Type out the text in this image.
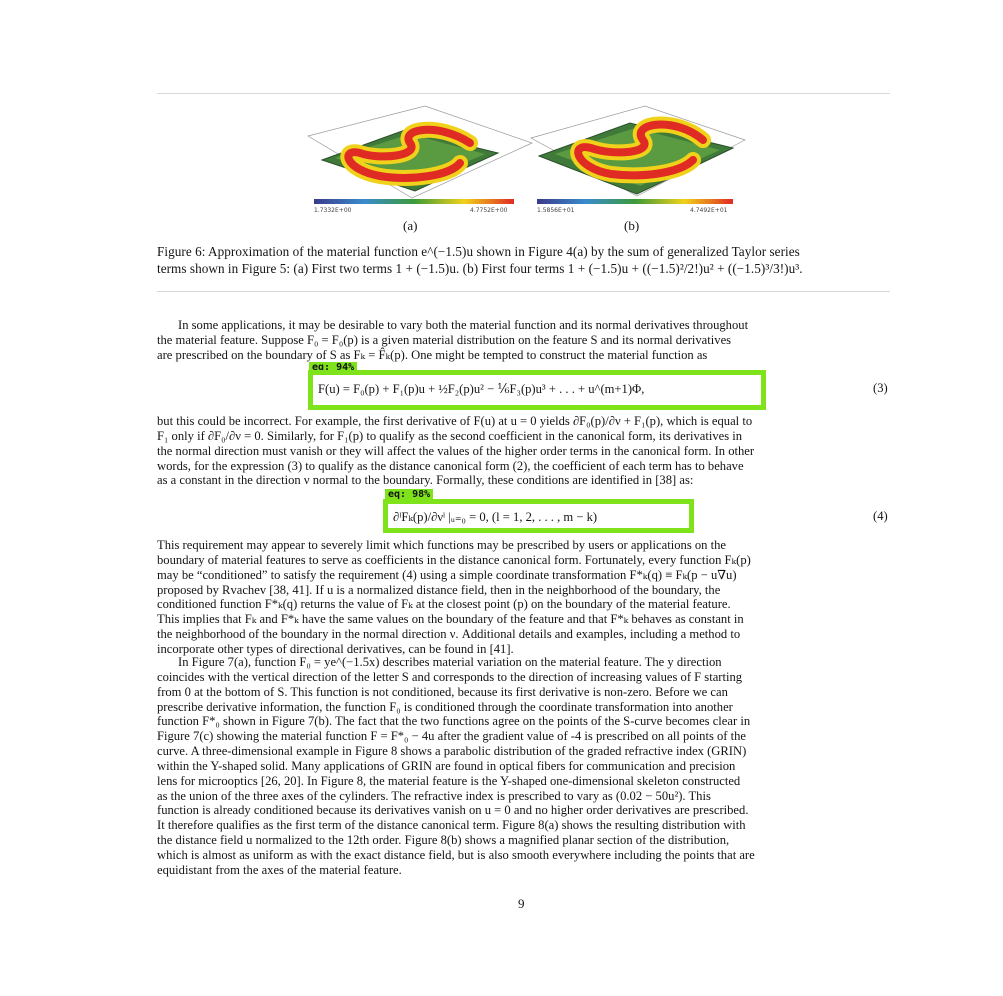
1.7332E+00	4.7752E+00
(a)
1.5856E+01	4.7492E+01
(b)
Figure 6: Approximation of the material function e^(−1.5)u shown in Figure 4(a) by the sum of generalized Taylor series
terms shown in Figure 5: (a) First two terms 1 + (−1.5)u. (b) First four terms 1 + (−1.5)u + ((−1.5)²/2!)u² + ((−1.5)³/3!)u³.
In some applications, it may be desirable to vary both the material function and its normal derivatives throughout
the material feature. Suppose F₀ = F₀(p) is a given material distribution on the feature S and its normal derivatives
are prescribed on the boundary of S as Fₖ = F̂ₖ(p). One might be tempted to construct the material function as
eq: 94%
F(u) = F₀(p) + F₁(p)u + ½F₂(p)u² − ⅙F₃(p)u³ + . . . + u^(m+1)Φ,	(3)
but this could be incorrect. For example, the first derivative of F(u) at u = 0 yields ∂F₀(p)/∂ν + F₁(p), which is equal to
F₁ only if ∂F₀/∂ν = 0. Similarly, for F₁(p) to qualify as the second coefficient in the canonical form, its derivatives in
the normal direction must vanish or they will affect the values of the higher order terms in the canonical form. In other
words, for the expression (3) to qualify as the distance canonical form (2), the coefficient of each term has to behave
as a constant in the direction ν normal to the boundary. Formally, these conditions are identified in [38] as:
eq: 98%
∂ˡFₖ(p)/∂νˡ |ᵤ₌₀ = 0, (l = 1, 2, . . . , m − k)	(4)
This requirement may appear to severely limit which functions may be prescribed by users or applications on the
boundary of material features to serve as coefficients in the distance canonical form. Fortunately, every function Fₖ(p)
may be “conditioned” to satisfy the requirement (4) using a simple coordinate transformation F*ₖ(q) ≡ Fₖ(p − u∇u)
proposed by Rvachev [38, 41]. If u is a normalized distance field, then in the neighborhood of the boundary, the
conditioned function F*ₖ(q) returns the value of Fₖ at the closest point (p) on the boundary of the material feature.
This implies that Fₖ and F*ₖ have the same values on the boundary of the feature and that F*ₖ behaves as constant in
the neighborhood of the boundary in the normal direction ν. Additional details and examples, including a method to
incorporate other types of directional derivatives, can be found in [41].
In Figure 7(a), function F₀ = ye^(−1.5x) describes material variation on the material feature. The y direction
coincides with the vertical direction of the letter S and corresponds to the direction of increasing values of F starting
from 0 at the bottom of S. This function is not conditioned, because its first derivative is non-zero. Before we can
prescribe derivative information, the function F₀ is conditioned through the coordinate transformation into another
function F*₀ shown in Figure 7(b). The fact that the two functions agree on the points of the S-curve becomes clear in
Figure 7(c) showing the material function F = F*₀ − 4u after the gradient value of -4 is prescribed on all points of the
curve. A three-dimensional example in Figure 8 shows a parabolic distribution of the graded refractive index (GRIN)
within the Y-shaped solid. Many applications of GRIN are found in optical fibers for communication and precision
lens for microoptics [26, 20]. In Figure 8, the material feature is the Y-shaped one-dimensional skeleton constructed
as the union of the three axes of the cylinders. The refractive index is prescribed to vary as (0.02 − 50u²). This
function is already conditioned because its derivatives vanish on u = 0 and no higher order derivatives are prescribed.
It therefore qualifies as the first term of the distance canonical term. Figure 8(a) shows the resulting distribution with
the distance field u normalized to the 12th order. Figure 8(b) shows a magnified planar section of the distribution,
which is almost as uniform as with the exact distance field, but is also smooth everywhere including the points that are
equidistant from the axes of the material feature.
9
